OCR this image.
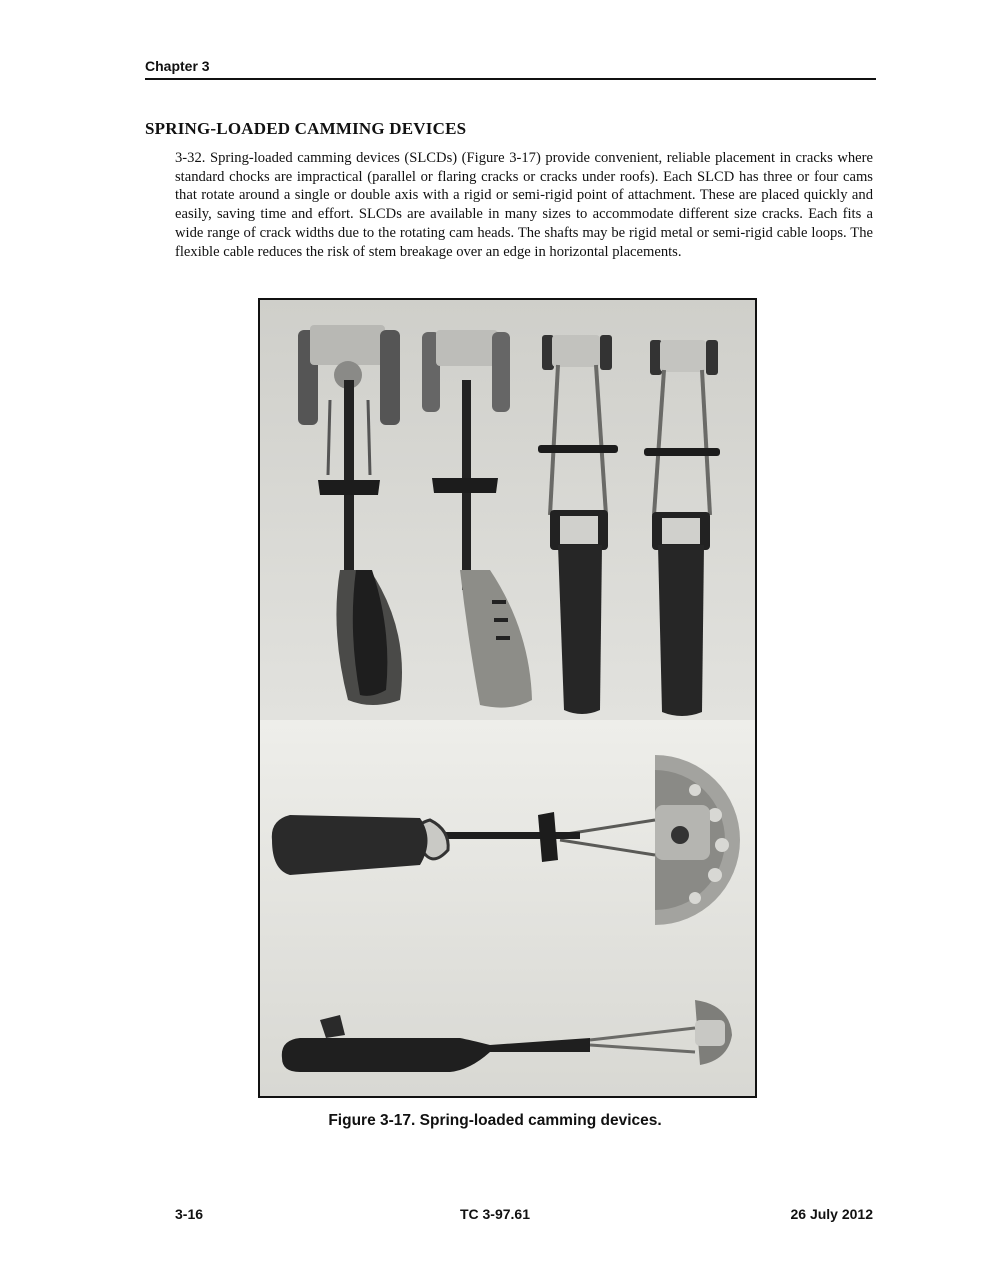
Chapter 3
SPRING-LOADED CAMMING DEVICES
3-32. Spring-loaded camming devices (SLCDs) (Figure 3-17) provide convenient, reliable placement in cracks where standard chocks are impractical (parallel or flaring cracks or cracks under roofs). Each SLCD has three or four cams that rotate around a single or double axis with a rigid or semi-rigid point of attachment. These are placed quickly and easily, saving time and effort. SLCDs are available in many sizes to accommodate different size cracks. Each fits a wide range of crack widths due to the rotating cam heads. The shafts may be rigid metal or semi-rigid cable loops. The flexible cable reduces the risk of stem breakage over an edge in horizontal placements.
Figure 3-17. Spring-loaded camming devices.
3-16	TC 3-97.61	26 July 2012
